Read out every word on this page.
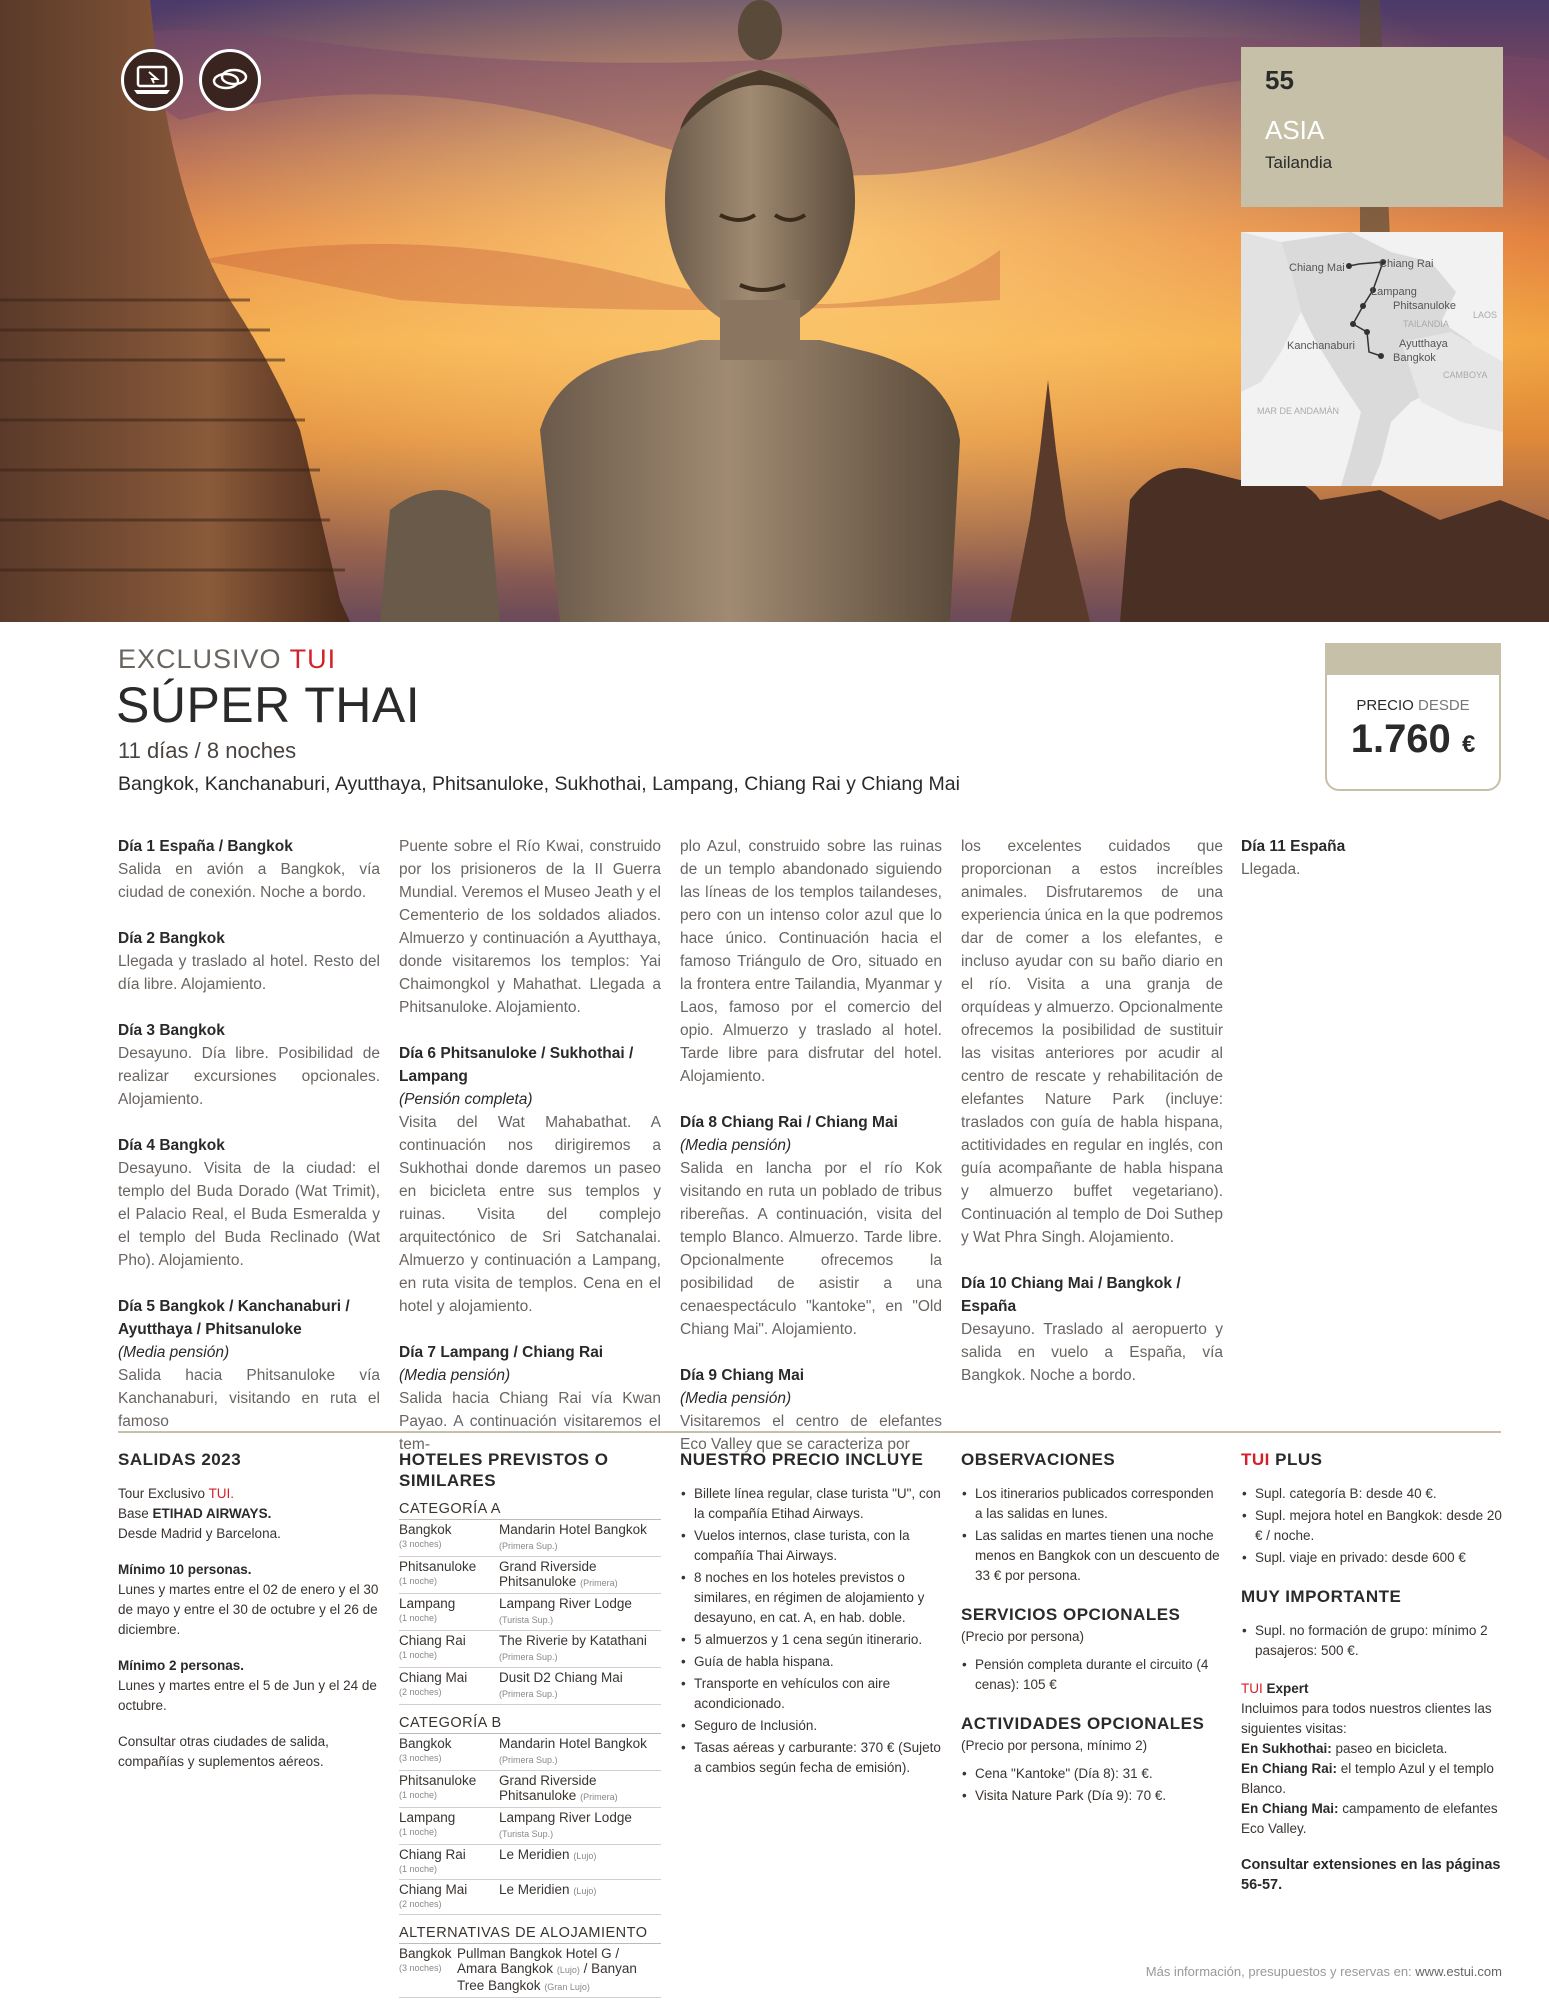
55
ASIA
Tailandia
Chiang Mai	Chiang Rai
Lampang
Phitsanuloke
LAOS
TAILANDIA
Kanchanaburi	Ayutthaya
Bangkok
CAMBOYA
MAR DE ANDAMÁN
EXCLUSIVO TUI
SÚPER THAI
11 días / 8 noches
Bangkok, Kanchanaburi, Ayutthaya, Phitsanuloke, Sukhothai, Lampang, Chiang Rai y Chiang Mai
PRECIO DESDE
1.760 €
Día 1 España / Bangkok
Salida en avión a Bangkok, vía ciudad de conexión. Noche a bordo.
Día 2 Bangkok
Llegada y traslado al hotel. Resto del día libre. Alojamiento.
Día 3 Bangkok
Desayuno. Día libre. Posibilidad de realizar excursiones opcionales. Alojamiento.
Día 4 Bangkok
Desayuno. Visita de la ciudad: el templo del Buda Dorado (Wat Trimit), el Palacio Real, el Buda Esmeralda y el templo del Buda Reclinado (Wat Pho). Alojamiento.
Día 5 Bangkok / Kanchanaburi / Ayutthaya / Phitsanuloke
(Media pensión)
Salida hacia Phitsanuloke vía Kanchanaburi, visitando en ruta el famoso
Puente sobre el Río Kwai, construido por los prisioneros de la II Guerra Mundial. Veremos el Museo Jeath y el Cementerio de los soldados aliados. Almuerzo y continuación a Ayutthaya, donde visitaremos los templos: Yai Chaimongkol y Mahathat. Llegada a Phitsanuloke. Alojamiento.
Día 6 Phitsanuloke / Sukhothai / Lampang
(Pensión completa)
Visita del Wat Mahabathat. A continuación nos dirigiremos a Sukhothai donde daremos un paseo en bicicleta entre sus templos y ruinas. Visita del complejo arquitectónico de Sri Satchanalai. Almuerzo y continuación a Lampang, en ruta visita de templos. Cena en el hotel y alojamiento.
Día 7 Lampang / Chiang Rai
(Media pensión)
Salida hacia Chiang Rai vía Kwan Payao. A continuación visitaremos el tem-
plo Azul, construido sobre las ruinas de un templo abandonado siguiendo las líneas de los templos tailandeses, pero con un intenso color azul que lo hace único. Continuación hacia el famoso Triángulo de Oro, situado en la frontera entre Tailandia, Myanmar y Laos, famoso por el comercio del opio. Almuerzo y traslado al hotel. Tarde libre para disfrutar del hotel. Alojamiento.
Día 8 Chiang Rai / Chiang Mai
(Media pensión)
Salida en lancha por el río Kok visitando en ruta un poblado de tribus ribereñas. A continuación, visita del templo Blanco. Almuerzo. Tarde libre. Opcionalmente ofrecemos la posibilidad de asistir a una cenaespectáculo "kantoke", en "Old Chiang Mai". Alojamiento.
Día 9 Chiang Mai
(Media pensión)
Visitaremos el centro de elefantes Eco Valley que se caracteriza por
los excelentes cuidados que proporcionan a estos increíbles animales. Disfrutaremos de una experiencia única en la que podremos dar de comer a los elefantes, e incluso ayudar con su baño diario en el río. Visita a una granja de orquídeas y almuerzo. Opcionalmente ofrecemos la posibilidad de sustituir las visitas anteriores por acudir al centro de rescate y rehabilitación de elefantes Nature Park (incluye: traslados con guía de habla hispana, actitividades en regular en inglés, con guía acompañante de habla hispana y almuerzo buffet vegetariano). Continuación al templo de Doi Suthep y Wat Phra Singh. Alojamiento.
Día 10 Chiang Mai / Bangkok / España
Desayuno. Traslado al aeropuerto y salida en vuelo a España, vía Bangkok. Noche a bordo.
Día 11 España
Llegada.
SALIDAS 2023
Tour Exclusivo TUI.
Base ETIHAD AIRWAYS.
Desde Madrid y Barcelona.
Mínimo 10 personas.
Lunes y martes entre el 02 de enero y el 30 de mayo y entre el 30 de octubre y el 26 de diciembre.
Mínimo 2 personas.
Lunes y martes entre el 5 de Jun y el 24 de octubre.
Consultar otras ciudades de salida, compañías y suplementos aéreos.
HOTELES PREVISTOS O SIMILARES
CATEGORÍA A
Bangkok
(3 noches)	Mandarin Hotel Bangkok (Primera Sup.)

Phitsanuloke
(1 noche)	Grand Riverside Phitsanuloke (Primera)

Lampang
(1 noche)	Lampang River Lodge (Turista Sup.)

Chiang Rai
(1 noche)	The Riverie by Katathani (Primera Sup.)

Chiang Mai
(2 noches)	Dusit D2 Chiang Mai (Primera Sup.)
CATEGORÍA B
Bangkok
(3 noches)	Mandarin Hotel Bangkok (Primera Sup.)

Phitsanuloke
(1 noche)	Grand Riverside Phitsanuloke (Primera)

Lampang
(1 noche)	Lampang River Lodge (Turista Sup.)

Chiang Rai
(1 noche)	Le Meridien (Lujo)

Chiang Mai
(2 noches)	Le Meridien (Lujo)
ALTERNATIVAS DE ALOJAMIENTO
Bangkok
(3 noches)
	Pullman Bangkok Hotel G / Amara Bangkok (Lujo) / Banyan Tree Bangkok (Gran Lujo)
NUESTRO PRECIO INCLUYE
• Billete línea regular, clase turista "U", con la compañía Etihad Airways.
• Vuelos internos, clase turista, con la compañía Thai Airways.
• 8 noches en los hoteles previstos o similares, en régimen de alojamiento y desayuno, en cat. A, en hab. doble.
• 5 almuerzos y 1 cena según itinerario.
• Guía de habla hispana.
• Transporte en vehículos con aire acondicionado.
• Seguro de Inclusión.
• Tasas aéreas y carburante: 370 € (Sujeto a cambios según fecha de emisión).
OBSERVACIONES
• Los itinerarios publicados corresponden a las salidas en lunes.
• Las salidas en martes tienen una noche menos en Bangkok con un descuento de 33 € por persona.
SERVICIOS OPCIONALES
(Precio por persona)
• Pensión completa durante el circuito (4 cenas): 105 €
ACTIVIDADES OPCIONALES
(Precio por persona, mínimo 2)
• Cena "Kantoke" (Día 8): 31 €.
• Visita Nature Park (Día 9): 70 €.
TUI PLUS
• Supl. categoría B: desde 40 €.
• Supl. mejora hotel en Bangkok: desde 20 € / noche.
• Supl. viaje en privado: desde 600 €
MUY IMPORTANTE
• Supl. no formación de grupo: mínimo 2 pasajeros: 500 €.
TUI Expert
Incluimos para todos nuestros clientes las siguientes visitas:
En Sukhothai: paseo en bicicleta.
En Chiang Rai: el templo Azul y el templo Blanco.
En Chiang Mai: campamento de elefantes Eco Valley.
Consultar extensiones en las páginas 56-57.
Más información, presupuestos y reservas en: www.estui.com
